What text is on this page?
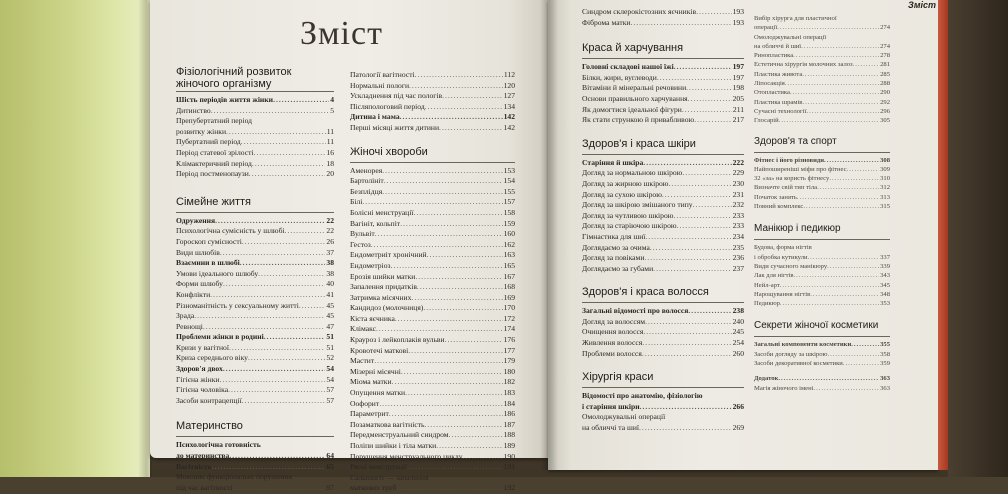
Зміст
Зміст
Фізіологічний розвиток
жіночого організму
Шість періодів життя жінки .....	4
Дитинство .....	5
Препубертатний період
розвитку жінки .....	11
Пубертатний період .....	11
Період статевої зрілості .....	16
Клімактеричний період .....	18
Період постменопаузи .....	20
Сімейне життя
Одруження .....	22
Психологічна сумісність у шлюбі .....	22
Гороскоп сумісності .....	26
Види шлюбів .....	37
Взаємини в шлюбі .....	38
Умови ідеального шлюбу .....	38
Форми шлюбу .....	40
Конфлікти .....	41
Різноманітність у сексуальному житті .....	45
Зрада .....	45
Ревнощі .....	47
Проблеми жінки в родині .....	51
Кризи у вагітної .....	51
Криза середнього віку .....	52
Здоров'я двох .....	54
Гігієна жінки .....	54
Гігієна чоловіка .....	57
Засоби контрацепції .....	57
Материнство
Психологічна готовність
до материнства .....	64
Вагітність .....	65
Можливі функціональні порушення
під час вагітності .....	97
Патології вагітності .....	112
Нормальні пологи .....	120
Ускладнення під час пологів .....	127
Післяпологовий період .....	134
Дитина і мама .....	142
Перші місяці життя дитини .....	142
Жіночі хвороби
Аменорея .....	153
Бартолініт .....	154
Безплідця .....	155
Білі .....	157
Болісні менструації .....	158
Вагініт, кольпіт .....	159
Вульвіт .....	160
Гестоз .....	162
Ендометриіт хронічний .....	163
Ендометріоз .....	165
Ерозія шийки матки .....	167
Запалення придатків .....	168
Затримка місячних .....	169
Кандидоз (молочниця) .....	170
Кіста яєчника .....	172
Клімакс .....	174
Крауроз і лейкоплакія вульви .....	176
Кровотечі маткові .....	177
Мастит .....	179
Мізерні місячні .....	180
Міома матки .....	182
Опущення матки .....	183
Оофорит .....	184
Параметрит .....	186
Позаматкова вагітність .....	187
Передменструальний синдром .....	188
Поліпи шийки і тіла матки .....	189
Порушення менструального циклу .....	190
Рясні менструації .....	191
Сальпінгіт — запалення
маткових труб .....	192
Синдром склерокістозних яєчників .....	193
Фіброма матки .....	193
Краса й харчування
Головні складові нашої їжі .....	197
Білки, жири, вуглеводи .....	197
Вітаміни й мінеральні речовини .....	198
Основи правильного харчування .....	205
Як домогтися ідеальної фігури .....	211
Як стати стрункою й привабливою .....	217
Здоров'я і краса шкіри
Старіння й шкіра .....	222
Догляд за нормальною шкірою .....	229
Догляд за жирною шкірою .....	230
Догляд за сухою шкірою .....	231
Догляд за шкірою змішаного типу .....	232
Догляд за чутливою шкірою .....	233
Догляд за старіючою шкірою .....	233
Гімнастика для шиї .....	234
Доглядаємо за очима .....	235
Догляд за повіками .....	236
Доглядаємо за губами .....	237
Здоров'я і краса волосся
Загальні відомості про волосся .....	238
Догляд за волоссям .....	240
Очищення волосся .....	245
Живлення волосся .....	254
Проблеми волосся .....	260
Хірургія краси
Відомості про анатомію, фізіологію
і старіння шкіри .....	266
Омолоджувальні операції
на обличчі та шиї .....	269
Вибір хірурга для пластичної
операції .....	274
Омолоджувальні операції
на обличчі й шиї .....	274
Ринопластика .....	278
Естетична хірургія молочних залоз .....	281
Пластика живота .....	285
Ліпосакція .....	288
Отопластика .....	290
Пластика шрамів .....	292
Сучасні технології .....	296
Глосарій .....	305
Здоров'я та спорт
Фітнес і його різновиди .....	308
Найпоширеніші міфи про фітнес .....	309
32 «за» на користь фітнесу .....	310
Визначте свій тип тіла .....	312
Початок занять .....	313
Повний комплекс .....	315
Манікюр і педикюр
Будова, форма нігтів
і обробка кутикули .....	337
Види сучасного манікюру .....	339
Лак для нігтів .....	343
Нейл-арт .....	345
Нарощування нігтів .....	348
Педикюр .....	353
Секрети жіночої косметики
Загальні компоненти косметики .....	355
Засоби догляду за шкірою .....	358
Засоби декоративної косметики .....	359
Додаток .....	363
Магія жіночого імені .....	363
